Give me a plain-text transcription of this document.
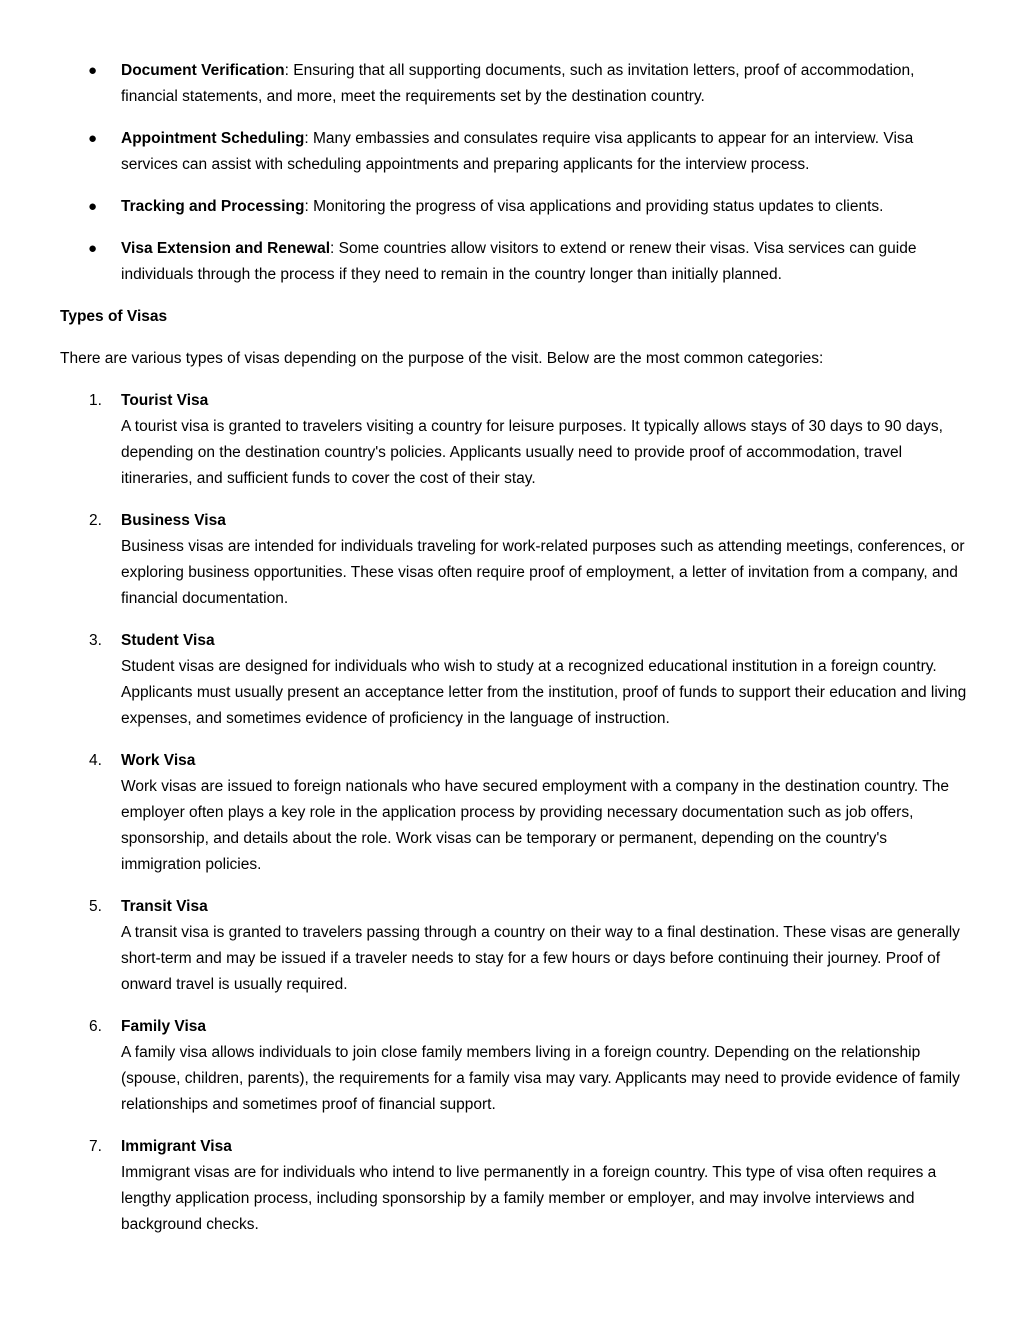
● Document Verification: Ensuring that all supporting documents, such as invitation letters, proof of accommodation, financial statements, and more, meet the requirements set by the destination country.
● Appointment Scheduling: Many embassies and consulates require visa applicants to appear for an interview. Visa services can assist with scheduling appointments and preparing applicants for the interview process.
● Tracking and Processing: Monitoring the progress of visa applications and providing status updates to clients.
● Visa Extension and Renewal: Some countries allow visitors to extend or renew their visas. Visa services can guide individuals through the process if they need to remain in the country longer than initially planned.
Types of Visas
There are various types of visas depending on the purpose of the visit. Below are the most common categories:
1. Tourist Visa
A tourist visa is granted to travelers visiting a country for leisure purposes. It typically allows stays of 30 days to 90 days, depending on the destination country's policies. Applicants usually need to provide proof of accommodation, travel itineraries, and sufficient funds to cover the cost of their stay.
2. Business Visa
Business visas are intended for individuals traveling for work-related purposes such as attending meetings, conferences, or exploring business opportunities. These visas often require proof of employment, a letter of invitation from a company, and financial documentation.
3. Student Visa
Student visas are designed for individuals who wish to study at a recognized educational institution in a foreign country. Applicants must usually present an acceptance letter from the institution, proof of funds to support their education and living expenses, and sometimes evidence of proficiency in the language of instruction.
4. Work Visa
Work visas are issued to foreign nationals who have secured employment with a company in the destination country. The employer often plays a key role in the application process by providing necessary documentation such as job offers, sponsorship, and details about the role. Work visas can be temporary or permanent, depending on the country's immigration policies.
5. Transit Visa
A transit visa is granted to travelers passing through a country on their way to a final destination. These visas are generally short-term and may be issued if a traveler needs to stay for a few hours or days before continuing their journey. Proof of onward travel is usually required.
6. Family Visa
A family visa allows individuals to join close family members living in a foreign country. Depending on the relationship (spouse, children, parents), the requirements for a family visa may vary. Applicants may need to provide evidence of family relationships and sometimes proof of financial support.
7. Immigrant Visa
Immigrant visas are for individuals who intend to live permanently in a foreign country. This type of visa often requires a lengthy application process, including sponsorship by a family member or employer, and may involve interviews and background checks.
